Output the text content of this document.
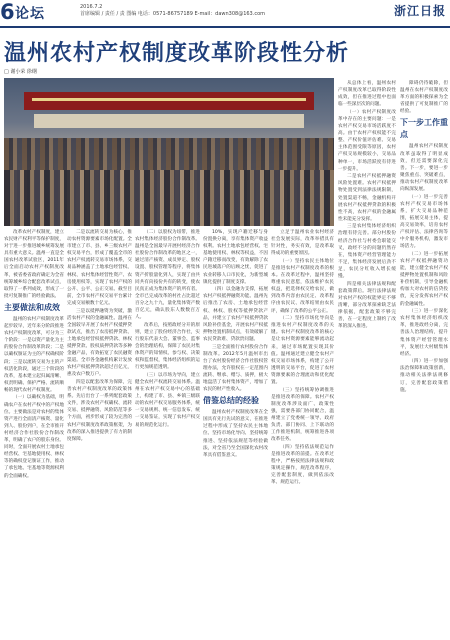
6 论坛	2016.7.2
首席编辑 / 责任 / 责 图编 电话：0571-86757189 E-mail：dawn308@163.com	浙江日报
温州农村产权制度改革阶段性分析
□ 谢小荣 徐纲

改革农村产权制度，建立农民财产权利平等保护制度，对于进一步推进城乡统筹发展具有重大意义。温州一直是全国农村改革试验区，2011年后全面启动农村产权制度改革，被省委省政府确定为全省统筹城乡综合配套改革试点，取得了一系列成效，形成了一批可复制推广的经验做法。

主要做法和成效

温州的农村产权制度改革起步较早，近年来分阶段推进农村产权制度改革，可分为三个阶段：一是以资产量化为主的股份合作制改革阶段；二是以确权颁证为主的产权确权阶段；三是以流转交易为主的产权活化阶段，通过三个阶段的改革，基本建立起归属清晰、权责明确、保护严格、流转顺畅的现代农村产权制度。

（一）以确权为基础，明确农户在农村产权中的产权地位。主要做法是对农村的集体资产进行全面清产核资、量化到人、股份到户，在全市推开村经济合作社股份合作制改革，明确了农户的股东身份。同时，全面开展农村土地承包经营权、宅基地使用权、林权等的确权登记颁证工作，推动了承包地、宅基地等资源权利的全面确权。

二是以流转交易为核心，推动农村资源要素市场化配置。全市建立了市、县、乡三级农村产权交易平台，形成了覆盖全市的农村产权流转交易市场体系，交易品种涵盖了土地承包经营权、林权、农村集体经营性资产、农房使用权等，实现了农村产权的公开、公平、公正交易。截至目前，全市农村产权交易平台累计完成交易额数十亿元。

三是以抵押融资为突破，激活农村产权的金融属性。温州在全国较早开展了农村产权抵押贷款试点，推出了农房抵押贷款、土地承包经营权抵押贷款、林权抵押贷款、股权质押贷款等多种金融产品，有效拓宽了农民融资渠道。全市各金融机构累计发放农村产权抵押贷款超过百亿元，惠及农户数万户。

四是以配套改革为保障，完善农村产权制度改革的政策体系。先后出台了一系列配套政策文件，涉及农村产权确权、流转交易、抵押融资、风险防范等多个方面，初步形成了较为完善的农村产权制度改革政策框架，为改革的深入推进提供了有力的制度保障。

（二）以股权为纽带，推进农村集体经济股份合作制改革。温州是全国最早开展村经济合作社股份合作制改革的地区之一，通过清产核资、成员界定、股权设置、股权管理等程序，将集体资产折股量化到人，实现了由共同共有向按份共有的转变，使农民真正成为集体资产的所有者。全市已完成改革的村社占比超过百分之九十九，量化集体资产数百亿元，确认股东人数数百万人。

改革后，按照政经分开的原则，建立了股份经济合作社，实行股东代表大会、董事会、监事会的治理结构，保障了农民对集体资产的知情权、参与权、决策权和监督权，集体经济组织的运行更加规范透明。

（三）以市场为导向，建立健全农村产权流转交易体系。温州在农村产权交易中心的基础上，构建了市、县、乡镇三级联动的农村产权交易服务体系，统一交易规则、统一信息发布、统一交易鉴证，实现了农村产权交易的规范化运行。

10%，实现户籍迁移与身份置换分离，享有集体资产收益权利。农村土地承包经营权、宅基地使用权、林权等权益，不因户籍迁移而改变，有效解除了农民进城落户的后顾之忧，促进了农业转移人口市民化，为新型城镇化提供了制度支撑。

（四）以金融为支撑，拓展农村产权抵押融资功能。温州先后推出了农房、土地承包经营权、林权、股权等抵押贷款产品，并建立了农村产权抵押贷款风险补偿基金，开展农村产权抵押物处置机制试点，有效破解了农民贷款难、贷款贵问题。

三是全面推行农村股份合作制改革。2012年5月温州市出台了农村股份经济合作社股权管理办法，允许股权在一定范围内流转、继承、赠与、质押，极大地盘活了农村集体资产，增加了农民的财产性收入。

借鉴总结的经验

温州农村产权制度改革在全国具有先行先试的意义，在推进过程中形成了坚持农民主体地位、坚持市场化导向、坚持统筹推进、坚持依法规范等经验做法，对全省乃至全国深化农村改革具有借鉴意义。

立足于温州农业农村经济社会发展实际，改革举措具有针对性，务实有效，是改革取得成功的重要原因。

（一）坚持农民主体地位是推进农村产权制度改革的根本。在改革过程中，温州坚持尊重农民意愿，依法维护农民权益，把选择权交给农民，做到改革内容由农民定、改革程序由农民议、改革结果由农民评，确保了改革的公平公正。

（二）坚持市场化导向是推进农村产权制度改革的关键。农村产权制度改革的核心是让农村资源要素能够流动起来，通过市场配置实现其价值。温州通过建立健全农村产权交易市场体系，构建了公开透明的交易平台，促进了农村资源要素的合理流动和优化配置。

（三）坚持统筹协调推进是推进改革的保障。农村产权制度改革涉及面广、政策性强，需要各部门协同配合，温州建立了党委统一领导、政府负责、部门协同、上下联动的工作推进机制，统筹推进各项改革任务。

（四）坚持依法规范运作是推进改革的前提。在改革过程中，严格按照法律法规和政策规定操作，规范改革程序，完善配套制度，做到依法改革、规范运行。

从总体上看，温州农村产权制度改革已取得阶段性成效，但在推进过程中也面临一些深层次的问题。

（一）农村产权制度改革中存在的主要问题：一是农村产权交易市场活跃度不高。由于农村产权权能不完整、产权价值评估难、交易主体范围受限等原因，农村产权交易规模较小，交易品种单一，市场活跃度有待进一步提升。

二是农村产权抵押融资风险处置难。农村产权抵押物处置受到法律法规限制，处置渠道不畅，金融机构开展农村产权抵押贷款的积极性不高，农村产权的金融属性未能充分发挥。

三是农村集体经济组织治理有待完善。部分村股份经济合作社与村委会职能交叉，政经不分的问题仍然存在，集体资产经营管理能力不足，集体经济发展后劲不足，农民分红收入增长缓慢。

四是相关法律法规和配套政策滞后。现行法律法规对农村产权的权能界定不够清晰，部分改革探索缺乏法律依据，配套政策不够完善，在一定程度上制约了改革的深入推进。

障碍仍待破除，但温州在农村产权制度改革方面的积极探索为全省提供了可复制推广的经验。

下一步工作重点

温州农村产权制度改革虽取得了明显成效，但还需要深化完善。下一步，要进一步聚焦重点、突破难点，推动农村产权制度改革向纵深发展。

（一）进一步完善农村产权交易市场体系，扩大交易品种范围，拓展交易主体，提高交易效率，培育农村产权评估、法律咨询等中介服务机构，激发市场活力。

（二）进一步拓展农村产权抵押融资功能，建立健全农村产权抵押物处置机制和风险补偿机制，引导金融机构加大对农村的信贷投放，充分发挥农村产权的金融属性。

（三）进一步深化农村集体经济组织改革，推进政经分离，完善法人治理结构，提升集体资产经营管理水平，发展壮大村级集体经济。

（四）进一步加强法治保障和政策创新，推动相关法律法规修订，完善配套政策措施。
